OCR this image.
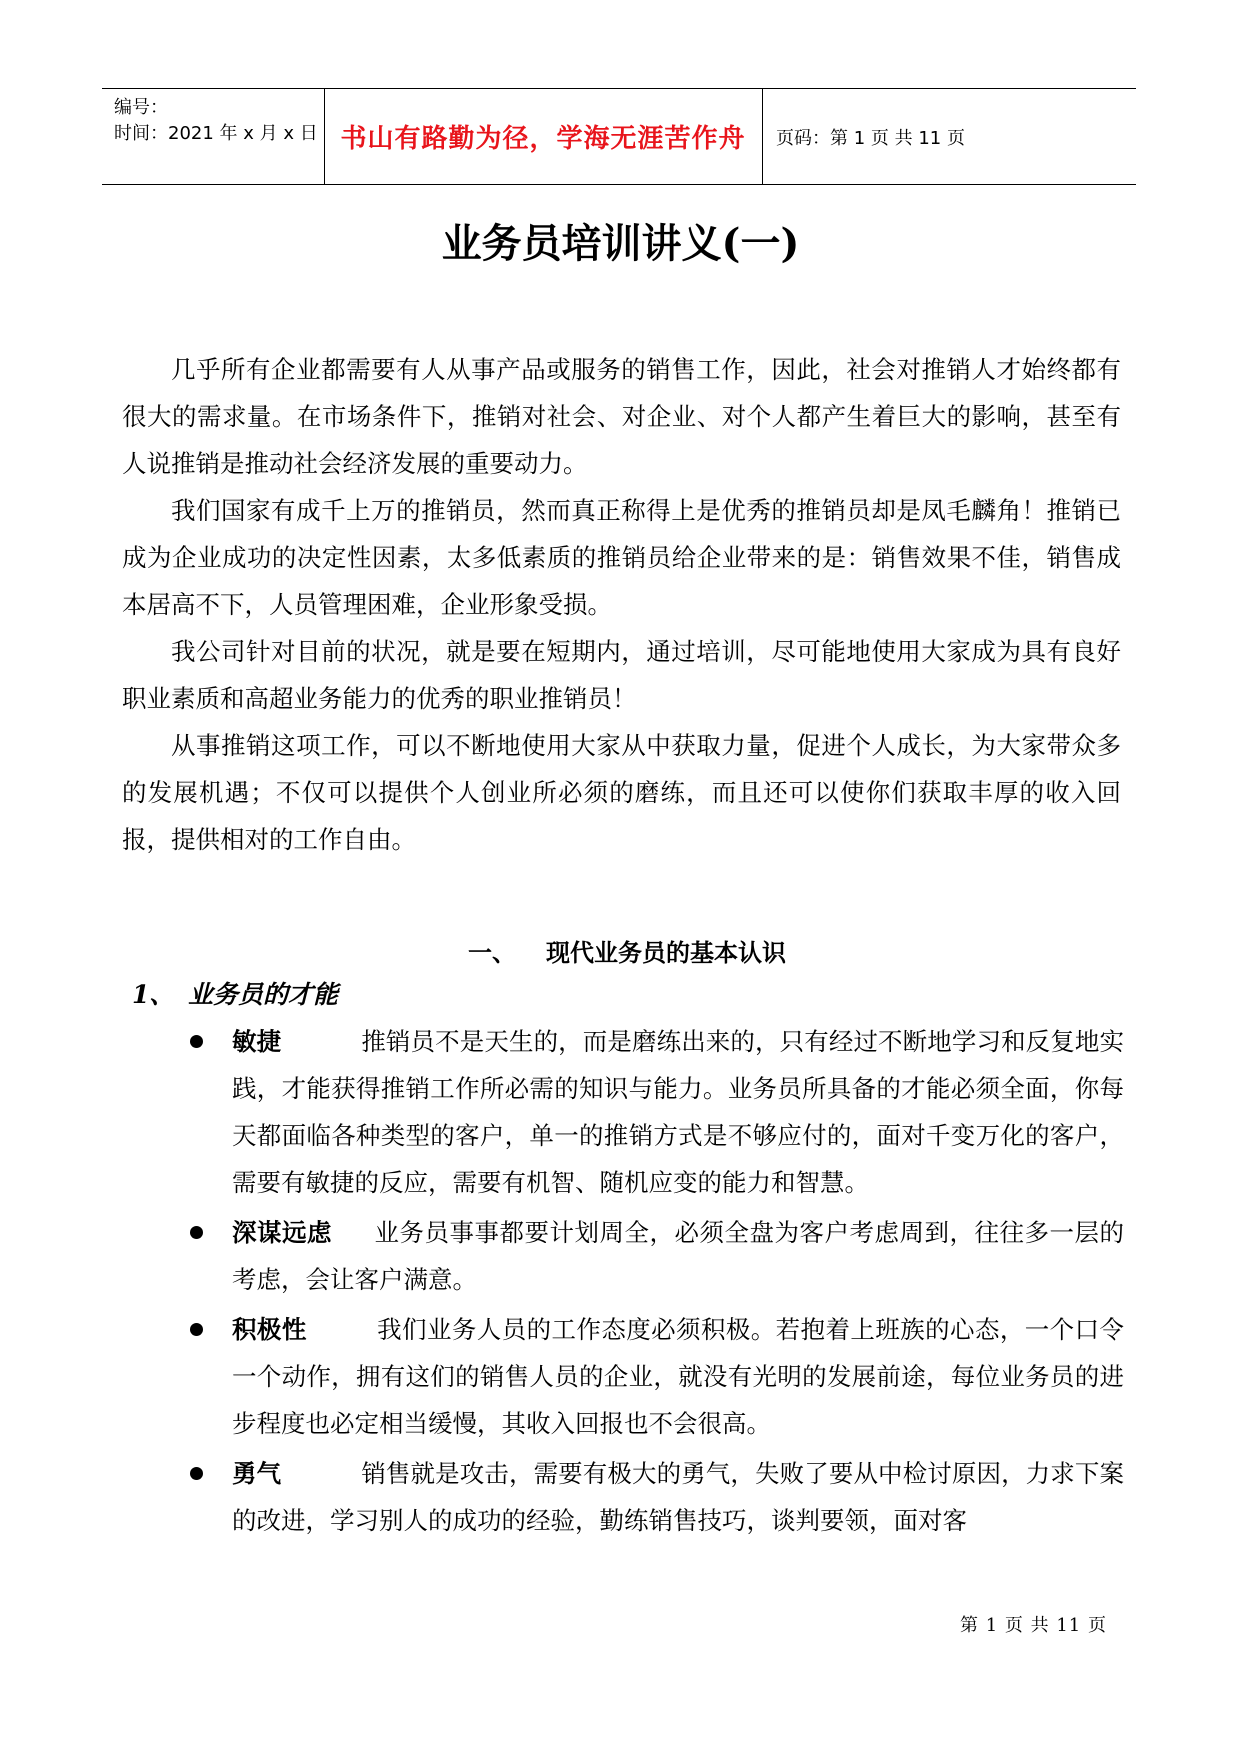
编号：
时间：2021 年 x 月 x 日 书山有路勤为径，学海无涯苦作舟	页码：第 1 页 共 11 页
业务员培训讲义(一)

几乎所有企业都需要有人从事产品或服务的销售工作，因此，社会对推销人才始终都有很大的需求量。在市场条件下，推销对社会、对企业、对个人都产生着巨大的影响，甚至有人说推销是推动社会经济发展的重要动力。

我们国家有成千上万的推销员，然而真正称得上是优秀的推销员却是凤毛麟角！推销已成为企业成功的决定性因素，太多低素质的推销员给企业带来的是：销售效果不佳，销售成本居高不下，人员管理困难，企业形象受损。

我公司针对目前的状况，就是要在短期内，通过培训，尽可能地使用大家成为具有良好职业素质和高超业务能力的优秀的职业推销员！

从事推销这项工作，可以不断地使用大家从中获取力量，促进个人成长，为大家带众多的发展机遇；不仅可以提供个人创业所必须的磨练，而且还可以使你们获取丰厚的收入回报，提供相对的工作自由。

一、 现代业务员的基本认识
1、 业务员的才能
敏捷	推销员不是天生的，而是磨练出来的，只有经过不断地学习和反复地实践，才能获得推销工作所必需的知识与能力。业务员所具备的才能必须全面，你每天都面临各种类型的客户，单一的推销方式是不够应付的，面对千变万化的客户，需要有敏捷的反应，需要有机智、随机应变的能力和智慧。
深谋远虑 业务员事事都要计划周全，必须全盘为客户考虑周到，往往多一层的考虑，会让客户满意。
积极性	我们业务人员的工作态度必须积极。若抱着上班族的心态，一个口令一个动作，拥有这们的销售人员的企业，就没有光明的发展前途，每位业务员的进步程度也必定相当缓慢，其收入回报也不会很高。
勇气	销售就是攻击，需要有极大的勇气，失败了要从中检讨原因，力求下案的改进，学习别人的成功的经验，勤练销售技巧，谈判要领，面对客
第 1 页 共 11 页
